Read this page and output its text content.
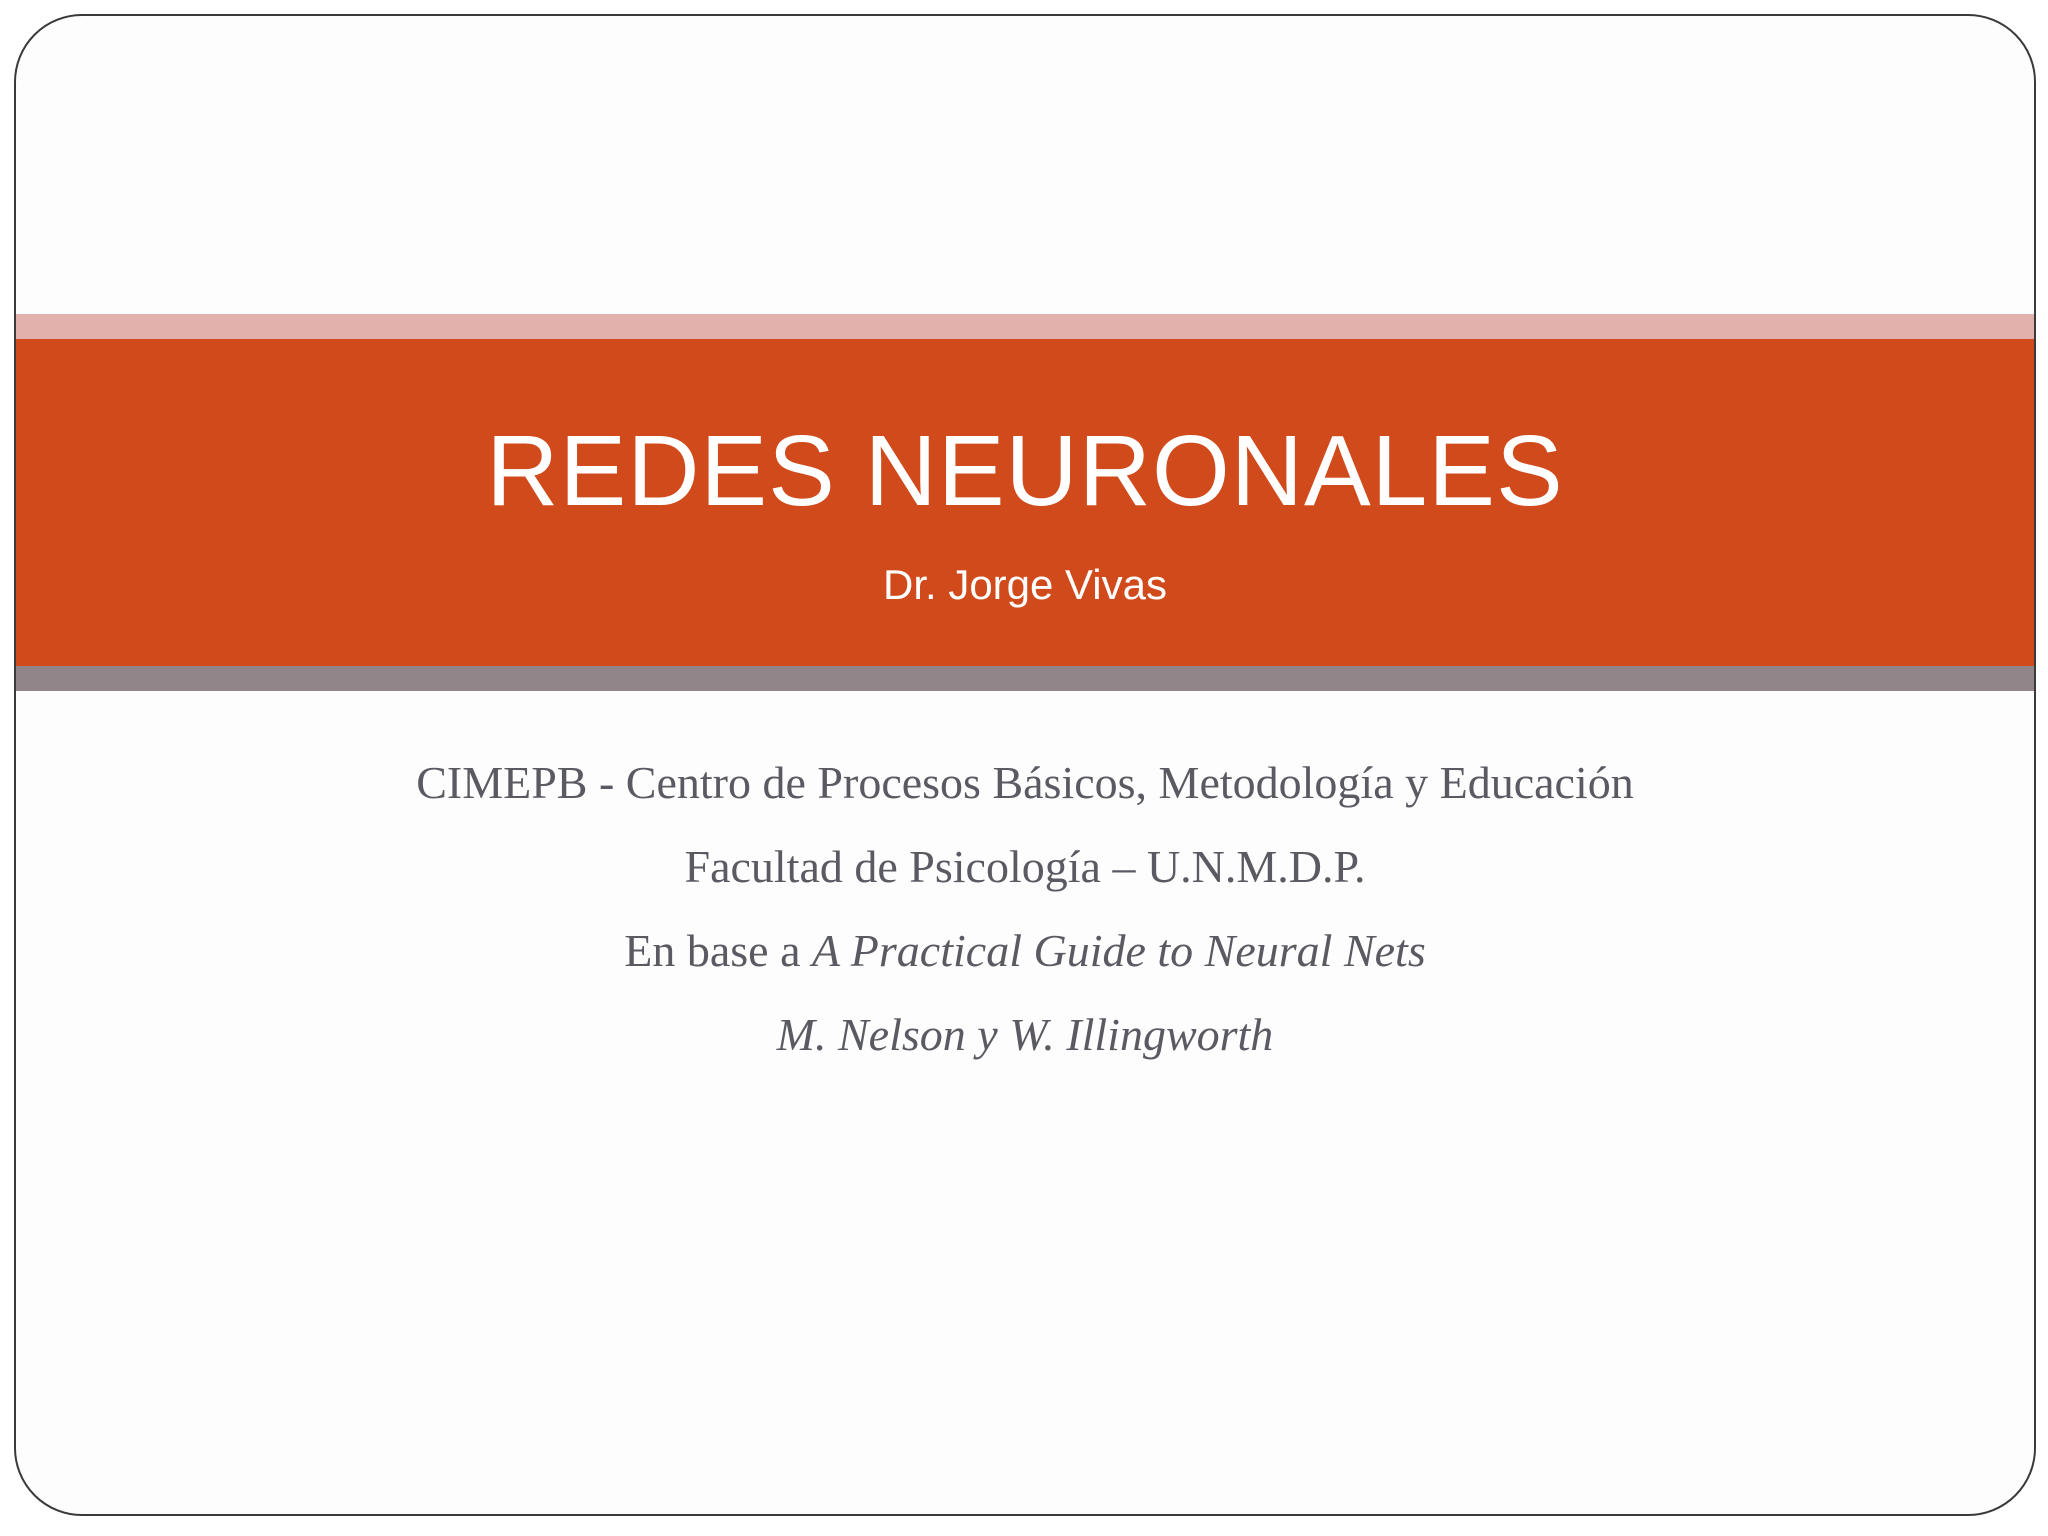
REDES NEURONALES
Dr. Jorge Vivas
CIMEPB - Centro de Procesos Básicos, Metodología y Educación
Facultad de Psicología – U.N.M.D.P.
En base a A Practical Guide to Neural Nets
M. Nelson y W. Illingworth
